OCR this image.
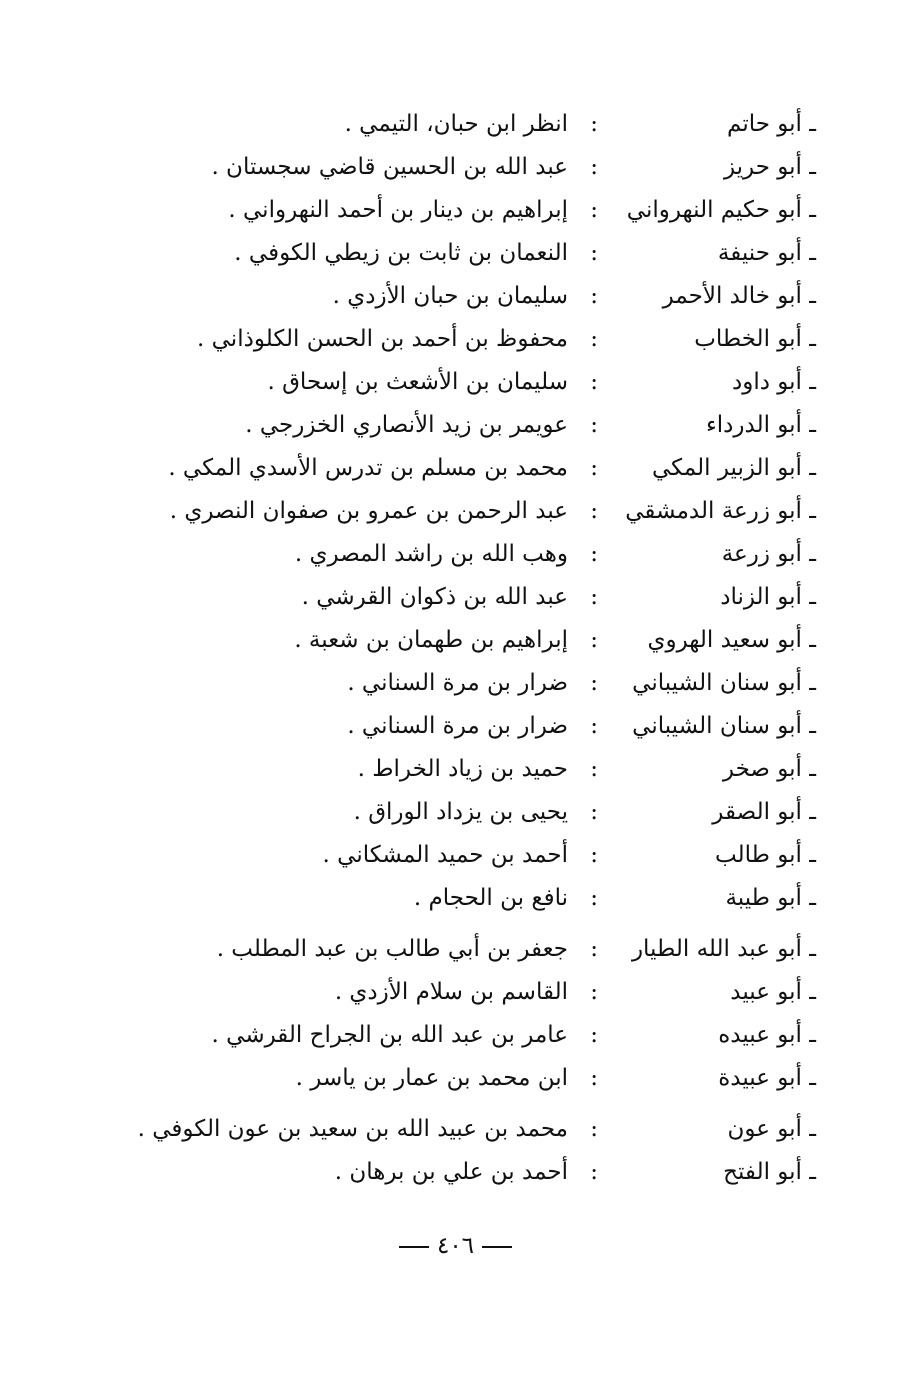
ـ أبو حاتم
:
انظر ابن حبان، التيمي .
ـ أبو حريز
:
عبد الله بن الحسين قاضي سجستان .
ـ أبو حكيم النهرواني
:
إبراهيم بن دينار بن أحمد النهرواني .
ـ أبو حنيفة
:
النعمان بن ثابت بن زيطي الكوفي .
ـ أبو خالد الأحمر
:
سليمان بن حبان الأزدي .
ـ أبو الخطاب
:
محفوظ بن أحمد بن الحسن الكلوذاني .
ـ أبو داود
:
سليمان بن الأشعث بن إسحاق .
ـ أبو الدرداء
:
عويمر بن زيد الأنصاري الخزرجي .
ـ أبو الزبير المكي
:
محمد بن مسلم بن تدرس الأسدي المكي .
ـ أبو زرعة الدمشقي
:
عبد الرحمن بن عمرو بن صفوان النصري .
ـ أبو زرعة
:
وهب الله بن راشد المصري .
ـ أبو الزناد
:
عبد الله بن ذكوان القرشي .
ـ أبو سعيد الهروي
:
إبراهيم بن طهمان بن شعبة .
ـ أبو سنان الشيباني
:
ضرار بن مرة السناني .
ـ أبو سنان الشيباني
:
ضرار بن مرة السناني .
ـ أبو صخر
:
حميد بن زياد الخراط .
ـ أبو الصقر
:
يحيى بن يزداد الوراق .
ـ أبو طالب
:
أحمد بن حميد المشكاني .
ـ أبو طيبة
:
نافع بن الحجام .
ـ أبو عبد الله الطيار
:
جعفر بن أبي طالب بن عبد المطلب .
ـ أبو عبيد
:
القاسم بن سلام الأزدي .
ـ أبو عبيده
:
عامر بن عبد الله بن الجراح القرشي .
ـ أبو عبيدة
:
ابن محمد بن عمار بن ياسر .
ـ أبو عون
:
محمد بن عبيد الله بن سعيد بن عون الكوفي .
ـ أبو الفتح
:
أحمد بن علي بن برهان .
٤٠٦
